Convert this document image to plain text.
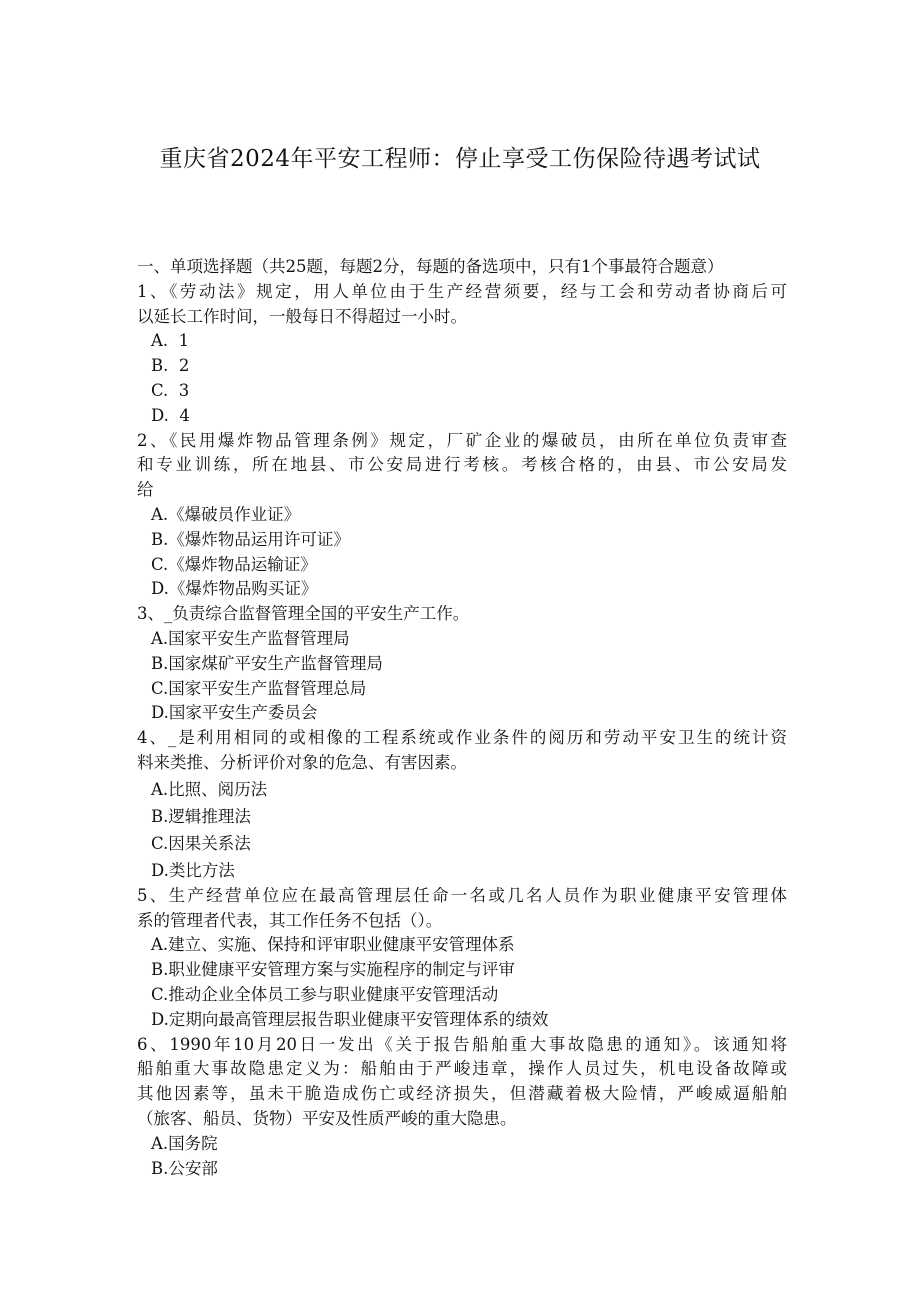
重庆省2024年平安工程师：停止享受工伤保险待遇考试试
一、单项选择题（共25题，每题2分，每题的备选项中，只有1个事最符合题意）
1、《劳动法》规定，用人单位由于生产经营须要，经与工会和劳动者协商后可
以延长工作时间，一般每日不得超过一小时。
A.  1
B.  2
C.  3
D.  4
2、《民用爆炸物品管理条例》规定，厂矿企业的爆破员，由所在单位负责审查
和专业训练，所在地县、市公安局进行考核。考核合格的，由县、市公安局发
给
A.《爆破员作业证》
B.《爆炸物品运用许可证》
C.《爆炸物品运输证》
D.《爆炸物品购买证》
3、_负责综合监督管理全国的平安生产工作。
A.国家平安生产监督管理局
B.国家煤矿平安生产监督管理局
C.国家平安生产监督管理总局
D.国家平安生产委员会
4、_是利用相同的或相像的工程系统或作业条件的阅历和劳动平安卫生的统计资
料来类推、分析评价对象的危急、有害因素。
A.比照、阅历法
B.逻辑推理法
C.因果关系法
D.类比方法
5、生产经营单位应在最高管理层任命一名或几名人员作为职业健康平安管理体
系的管理者代表，其工作任务不包括（）。
A.建立、实施、保持和评审职业健康平安管理体系
B.职业健康平安管理方案与实施程序的制定与评审
C.推动企业全体员工参与职业健康平安管理活动
D.定期向最高管理层报告职业健康平安管理体系的绩效
6、1990年10月20日一发出《关于报告船舶重大事故隐患的通知》。该通知将
船舶重大事故隐患定义为：船舶由于严峻违章，操作人员过失，机电设备故障或
其他因素等，虽未干脆造成伤亡或经济损失，但潜藏着极大险情，严峻威逼船舶
（旅客、船员、货物）平安及性质严峻的重大隐患。
A.国务院
B.公安部
